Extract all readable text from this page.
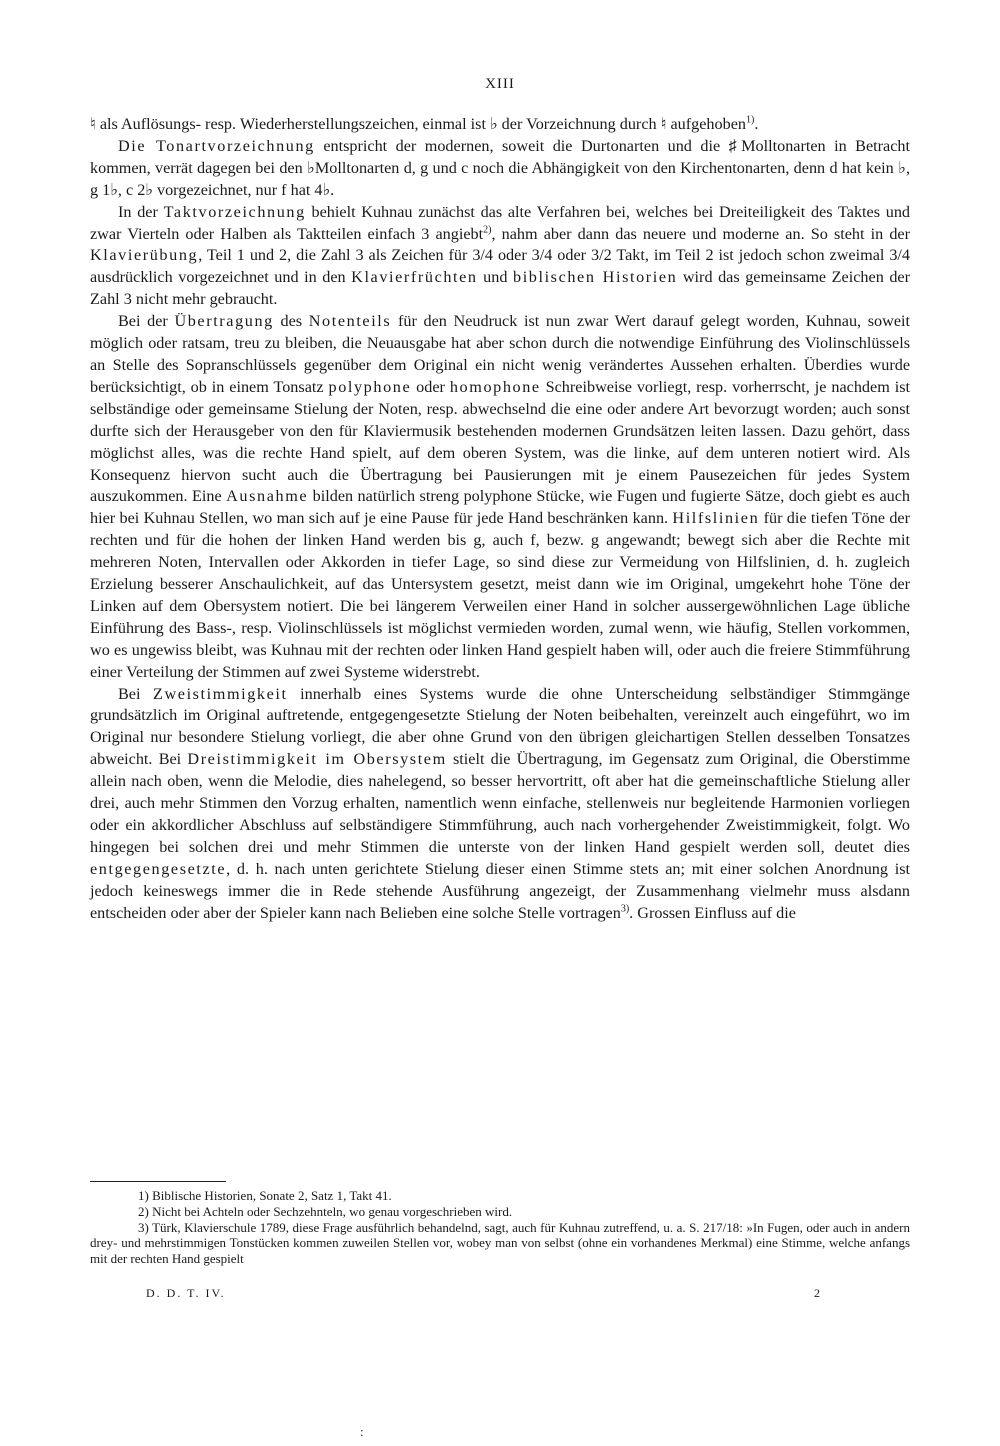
XIII

♮ als Auflösungs- resp. Wiederherstellungszeichen, einmal ist ♭ der Vorzeichnung durch ♮ aufgehoben$^{1)}$.

Die Tonartvorzeichnung entspricht der modernen, soweit die Durtonarten und die ♯Molltonarten in Betracht kommen, verrät dagegen bei den ♭Molltonarten d, g und c noch die Abhängigkeit von den Kirchentonarten, denn d hat kein ♭, g 1♭, c 2♭ vorgezeichnet, nur f hat 4♭.

In der Taktvorzeichnung behielt Kuhnau zunächst das alte Verfahren bei, welches bei Dreiteiligkeit des Taktes und zwar Vierteln oder Halben als Taktteilen einfach 3 angiebt$^{2)}$, nahm aber dann das neuere und moderne an. So steht in der Klavierübung, Teil 1 und 2, die Zahl 3 als Zeichen für 3/4 oder 3/4 oder 3/2 Takt, im Teil 2 ist jedoch schon zweimal 3/4 ausdrücklich vorgezeichnet und in den Klavierfrüchten und biblischen Historien wird das gemeinsame Zeichen der Zahl 3 nicht mehr gebraucht.

Bei der Übertragung des Notenteils für den Neudruck ist nun zwar Wert darauf gelegt worden, Kuhnau, soweit möglich oder ratsam, treu zu bleiben, die Neuausgabe hat aber schon durch die notwendige Einführung des Violinschlüssels an Stelle des Sopranschlüssels gegenüber dem Original ein nicht wenig verändertes Aussehen erhalten. Überdies wurde berücksichtigt, ob in einem Tonsatz polyphone oder homophone Schreibweise vorliegt, resp. vorherrscht, je nachdem ist selbständige oder gemeinsame Stielung der Noten, resp. abwechselnd die eine oder andere Art bevorzugt worden; auch sonst durfte sich der Herausgeber von den für Klaviermusik bestehenden modernen Grundsätzen leiten lassen. Dazu gehört, dass möglichst alles, was die rechte Hand spielt, auf dem oberen System, was die linke, auf dem unteren notiert wird. Als Konsequenz hiervon sucht auch die Übertragung bei Pausierungen mit je einem Pausezeichen für jedes System auszukommen. Eine Ausnahme bilden natürlich streng polyphone Stücke, wie Fugen und fugierte Sätze, doch giebt es auch hier bei Kuhnau Stellen, wo man sich auf je eine Pause für jede Hand beschränken kann. Hilfslinien für die tiefen Töne der rechten und für die hohen der linken Hand werden bis g, auch f, bezw. g angewandt; bewegt sich aber die Rechte mit mehreren Noten, Intervallen oder Akkorden in tiefer Lage, so sind diese zur Vermeidung von Hilfslinien, d. h. zugleich Erzielung besserer Anschaulichkeit, auf das Untersystem gesetzt, meist dann wie im Original, umgekehrt hohe Töne der Linken auf dem Obersystem notiert. Die bei längerem Verweilen einer Hand in solcher aussergewöhnlichen Lage übliche Einführung des Bass-, resp. Violinschlüssels ist möglichst vermieden worden, zumal wenn, wie häufig, Stellen vorkommen, wo es ungewiss bleibt, was Kuhnau mit der rechten oder linken Hand gespielt haben will, oder auch die freiere Stimmführung einer Verteilung der Stimmen auf zwei Systeme widerstrebt.

Bei Zweistimmigkeit innerhalb eines Systems wurde die ohne Unterscheidung selbständiger Stimmgänge grundsätzlich im Original auftretende, entgegengesetzte Stielung der Noten beibehalten, vereinzelt auch eingeführt, wo im Original nur besondere Stielung vorliegt, die aber ohne Grund von den übrigen gleichartigen Stellen desselben Tonsatzes abweicht. Bei Dreistimmigkeit im Obersystem stielt die Übertragung, im Gegensatz zum Original, die Oberstimme allein nach oben, wenn die Melodie, dies nahelegend, so besser hervortritt, oft aber hat die gemeinschaftliche Stielung aller drei, auch mehr Stimmen den Vorzug erhalten, namentlich wenn einfache, stellenweis nur begleitende Harmonien vorliegen oder ein akkordlicher Abschluss auf selbständigere Stimmführung, auch nach vorhergehender Zweistimmigkeit, folgt. Wo hingegen bei solchen drei und mehr Stimmen die unterste von der linken Hand gespielt werden soll, deutet dies entgegengesetzte, d. h. nach unten gerichtete Stielung dieser einen Stimme stets an; mit einer solchen Anordnung ist jedoch keineswegs immer die in Rede stehende Ausführung angezeigt, der Zusammenhang vielmehr muss alsdann entscheiden oder aber der Spieler kann nach Belieben eine solche Stelle vortragen$^{3)}$. Grossen Einfluss auf die

1) Biblische Historien, Sonate 2, Satz 1, Takt 41.

2) Nicht bei Achteln oder Sechzehnteln, wo genau vorgeschrieben wird.

3) Türk, Klavierschule 1789, diese Frage ausführlich behandelnd, sagt, auch für Kuhnau zutreffend, u. a. S. 217/18: »In Fugen, oder auch in andern drey- und mehrstimmigen Tonstücken kommen zuweilen Stellen vor, wobey man von selbst (ohne ein vorhandenes Merkmal) eine Stimme, welche anfangs mit der rechten Hand gespielt

D. D. T. IV.	2
:
